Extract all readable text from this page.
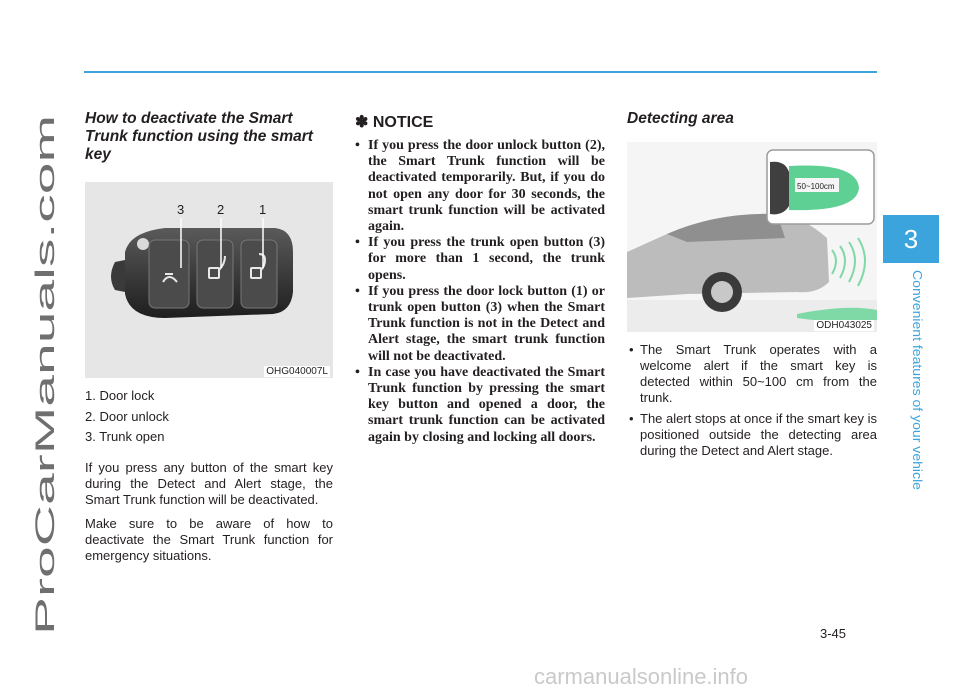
ProCarManuals.com
3
Convenient features of your vehicle
How to deactivate the Smart Trunk function using the smart key
3	2	1
OHG040007L
1. Door lock
2. Door unlock
3. Trunk open

If you press any button of the smart key during the Detect and Alert stage, the Smart Trunk function will be deactivated.

Make sure to be aware of how to deactivate the Smart Trunk function for emergency situations.

✽ NOTICE
• If you press the door unlock button (2), the Smart Trunk function will be deactivated temporarily. But, if you do not open any door for 30 seconds, the smart trunk function will be activated again.
• If you press the trunk open button (3) for more than 1 second, the trunk opens.
• If you press the door lock button (1) or trunk open button (3) when the Smart Trunk function is not in the Detect and Alert stage, the smart trunk function will not be deactivated.
• In case you have deactivated the Smart Trunk function by pressing the smart key button and opened a door, the smart trunk function can be activated again by closing and locking all doors.
Detecting area
50~100cm
ODH043025
• The Smart Trunk operates with a welcome alert if the smart key is detected within 50~100 cm from the trunk.
• The alert stops at once if the smart key is positioned outside the detecting area during the Detect and Alert stage.
3-45
carmanualsonline.info
